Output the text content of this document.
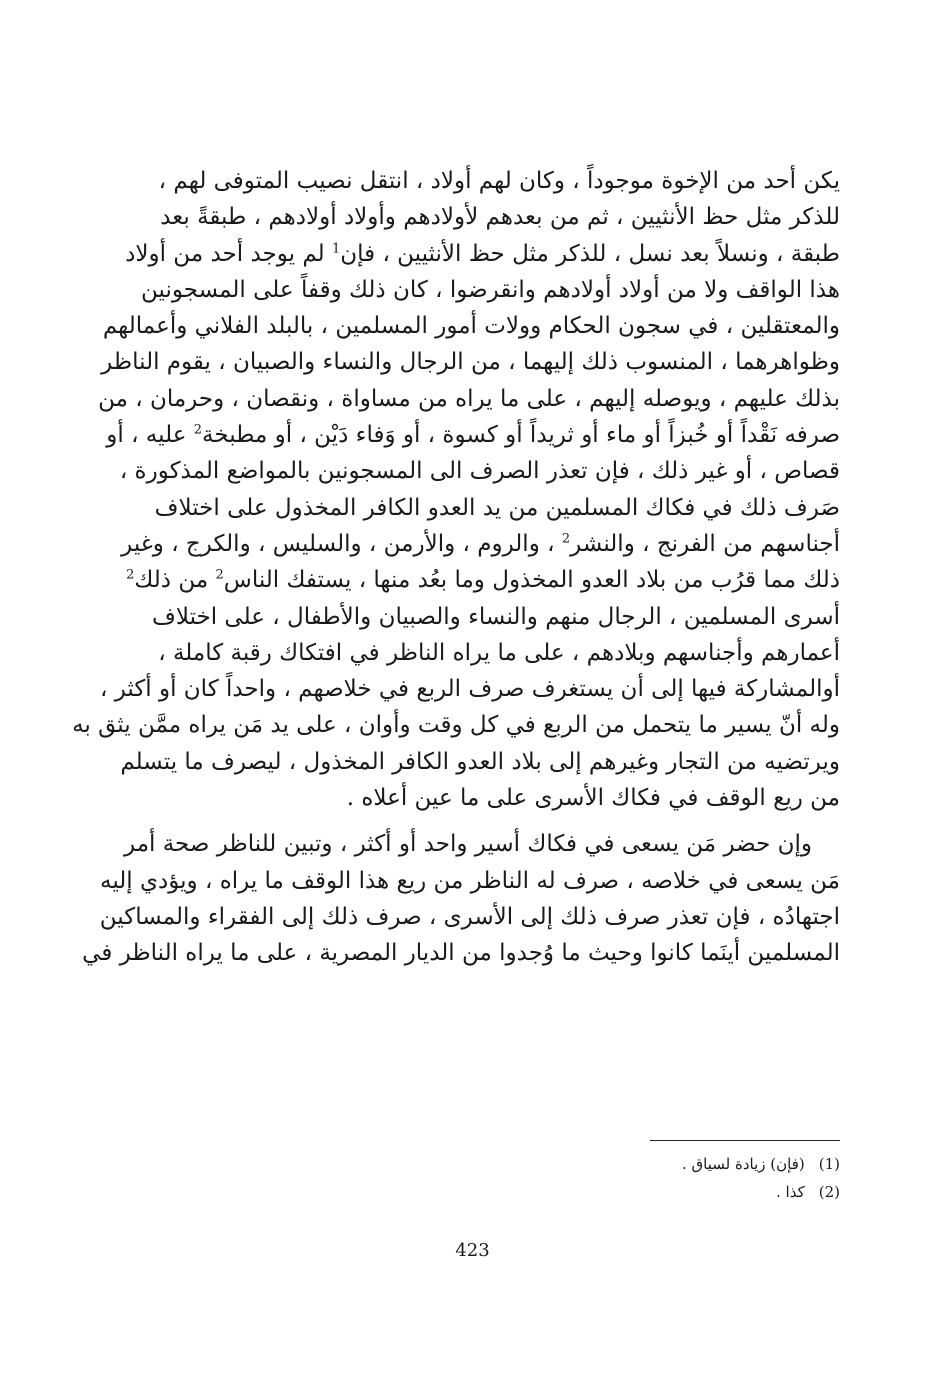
يكن أحد من الإخوة موجوداً ، وكان لهم أولاد ، انتقل نصيب المتوفى لهم ،
للذكر مثل حظ الأنثيين ، ثم من بعدهم لأولادهم وأولاد أولادهم ، طبقةً بعد
طبقة ، ونسلاً بعد نسل ، للذكر مثل حظ الأنثيين ، فإن$^1$ لم يوجد أحد من أولاد
هذا الواقف ولا من أولاد أولادهم وانقرضوا ، كان ذلك وقفاً على المسجونين
والمعتقلين ، في سجون الحكام وولات أمور المسلمين ، بالبلد الفلاني وأعمالهم
وظواهرهما ، المنسوب ذلك إليهما ، من الرجال والنساء والصبيان ، يقوم الناظر
بذلك عليهم ، ويوصله إليهم ، على ما يراه من مساواة ، ونقصان ، وحرمان ، من
صرفه نَقْداً أو خُبزاً أو ماء أو ثريداً أو كسوة ، أو وَفاء دَيْن ، أو مطبخة$^2$ عليه ، أو
قصاص ، أو غير ذلك ، فإن تعذر الصرف الى المسجونين بالمواضع المذكورة ،
صَرف ذلك في فكاك المسلمين من يد العدو الكافر المخذول على اختلاف
أجناسهم من الفرنج ، والنشر$^2$ ، والروم ، والأرمن ، والسليس ، والكرج ، وغير
ذلك مما قرُب من بلاد العدو المخذول وما بعُد منها ، يستفك الناس$^2$ من ذلك$^2$
أسرى المسلمين ، الرجال منهم والنساء والصبيان والأطفال ، على اختلاف
أعمارهم وأجناسهم وبلادهم ، على ما يراه الناظر في افتكاك رقبة كاملة ،
أوالمشاركة فيها إلى أن يستغرف صرف الربع في خلاصهم ، واحداً كان أو أكثر ،
وله أنّ يسير ما يتحمل من الربع في كل وقت وأوان ، على يد مَن يراه ممَّن يثق به
ويرتضيه من التجار وغيرهم إلى بلاد العدو الكافر المخذول ، ليصرف ما يتسلم
من ريع الوقف في فكاك الأسرى على ما عين أعلاه .
وإن حضر مَن يسعى في فكاك أسير واحد أو أكثر ، وتبين للناظر صحة أمر
مَن يسعى في خلاصه ، صرف له الناظر من ريع هذا الوقف ما يراه ، ويؤدي إليه
اجتهادُه ، فإن تعذر صرف ذلك إلى الأسرى ، صرف ذلك إلى الفقراء والمساكين
المسلمين أينَما كانوا وحيث ما وُجدوا من الديار المصرية ، على ما يراه الناظر في
(1)
(فإن) زيادة لسياق .
(2)
كذا .
423
